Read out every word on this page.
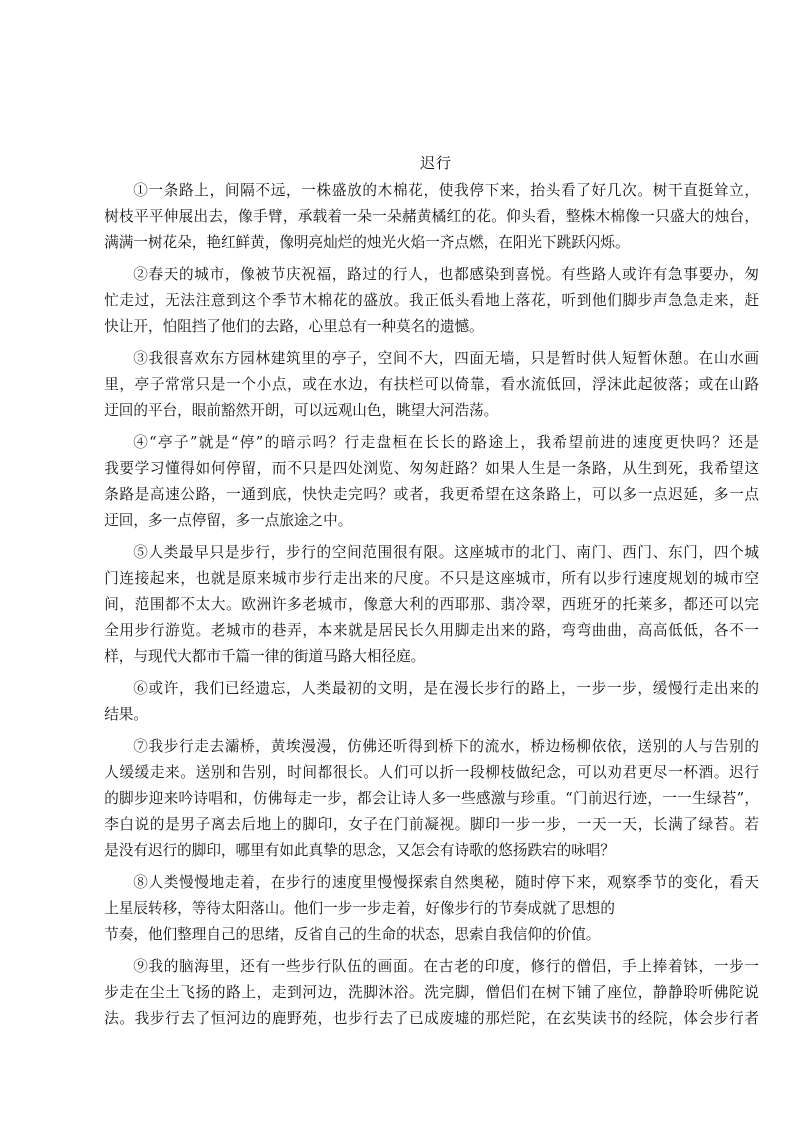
迟行
①一条路上，间隔不远，一株盛放的木棉花，使我停下来，抬头看了好几次。树干直挺耸立，
树枝平平伸展出去，像手臂，承载着一朵一朵赭黄橘红的花。仰头看，整株木棉像一只盛大的烛台，
满满一树花朵，艳红鲜黄，像明亮灿烂的烛光火焰一齐点燃，在阳光下跳跃闪烁。
②春天的城市，像被节庆祝福，路过的行人，也都感染到喜悦。有些路人或许有急事要办，匆
忙走过，无法注意到这个季节木棉花的盛放。我正低头看地上落花，听到他们脚步声急急走来，赶
快让开，怕阻挡了他们的去路，心里总有一种莫名的遗憾。
③我很喜欢东方园林建筑里的亭子，空间不大，四面无墙，只是暂时供人短暂休憩。在山水画
里，亭子常常只是一个小点，或在水边，有扶栏可以倚靠，看水流低回，浮沫此起彼落；或在山路
迂回的平台，眼前豁然开朗，可以远观山色，眺望大河浩荡。
④“亭子”就是“停”的暗示吗？行走盘桓在长长的路途上，我希望前进的速度更快吗？还是
我要学习懂得如何停留，而不只是四处浏览、匆匆赶路？如果人生是一条路，从生到死，我希望这
条路是高速公路，一通到底，快快走完吗？或者，我更希望在这条路上，可以多一点迟延，多一点
迂回，多一点停留，多一点旅途之中。
⑤人类最早只是步行，步行的空间范围很有限。这座城市的北门、南门、西门、东门，四个城
门连接起来，也就是原来城市步行走出来的尺度。不只是这座城市，所有以步行速度规划的城市空
间，范围都不太大。欧洲许多老城市，像意大利的西耶那、翡冷翠，西班牙的托莱多，都还可以完
全用步行游览。老城市的巷弄，本来就是居民长久用脚走出来的路，弯弯曲曲，高高低低，各不一
样，与现代大都市千篇一律的街道马路大相径庭。
⑥或许，我们已经遗忘，人类最初的文明，是在漫长步行的路上，一步一步，缓慢行走出来的
结果。
⑦我步行走去灞桥，黄埃漫漫，仿佛还听得到桥下的流水，桥边杨柳依依，送别的人与告别的
人缓缓走来。送别和告别，时间都很长。人们可以折一段柳枝做纪念，可以劝君更尽一杯酒。迟行
的脚步迎来吟诗唱和，仿佛每走一步，都会让诗人多一些感激与珍重。“门前迟行迹，一一生绿苔”，
李白说的是男子离去后地上的脚印，女子在门前凝视。脚印一步一步，一天一天，长满了绿苔。若
是没有迟行的脚印，哪里有如此真挚的思念，又怎会有诗歌的悠扬跌宕的咏唱？
⑧人类慢慢地走着，在步行的速度里慢慢探索自然奥秘，随时停下来，观察季节的变化，看天
上星辰转移，等待太阳落山。他们一步一步走着，好像步行的节奏成就了思想的
节奏，他们整理自己的思绪，反省自己的生命的状态，思索自我信仰的价值。
⑨我的脑海里，还有一些步行队伍的画面。在古老的印度，修行的僧侣，手上捧着钵，一步一
步走在尘土飞扬的路上，走到河边，洗脚沐浴。洗完脚，僧侣们在树下铺了座位，静静聆听佛陀说
法。我步行去了恒河边的鹿野苑，也步行去了已成废墟的那烂陀，在玄奘读书的经院，体会步行者
